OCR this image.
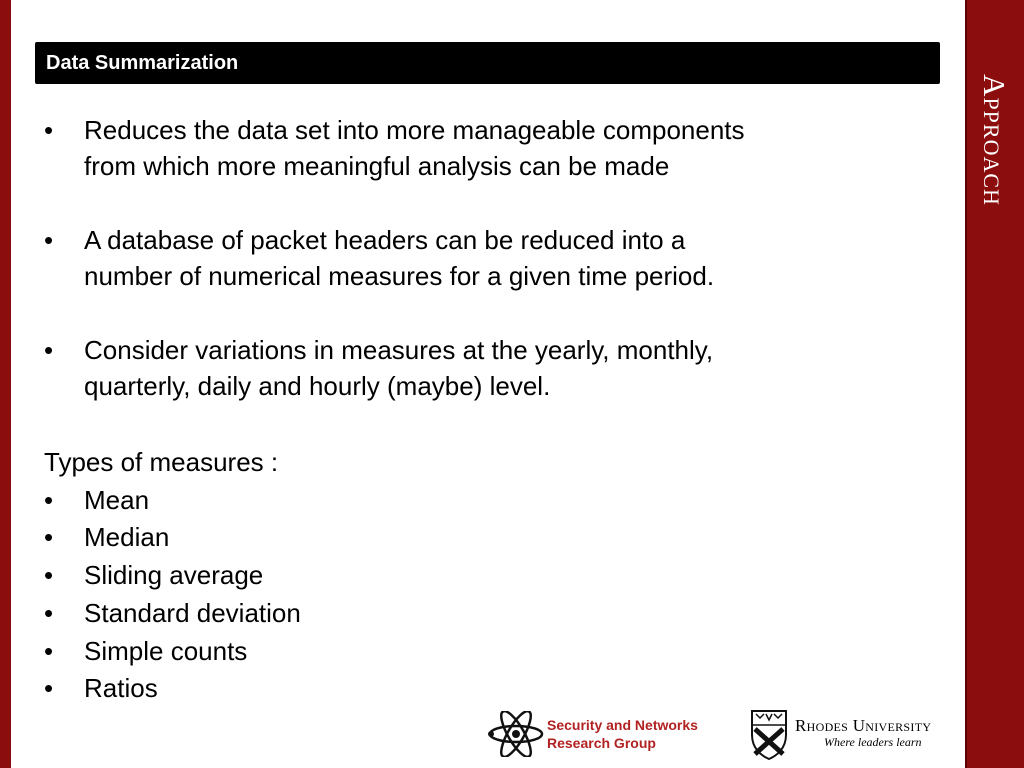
Approach
Data Summarization
•	Reduces the data set into more manageable components
from which more meaningful analysis can be made
•	A database of packet headers can be reduced into a
number of numerical measures for a given time period.
•	Consider variations in measures at the yearly, monthly,
quarterly, daily and hourly (maybe) level.
Types of measures :
•	Mean
•	Median
•	Sliding average
•	Standard deviation
•	Simple counts
•	Ratios
Security and Networks
Research Group
Rhodes University
Where leaders learn
